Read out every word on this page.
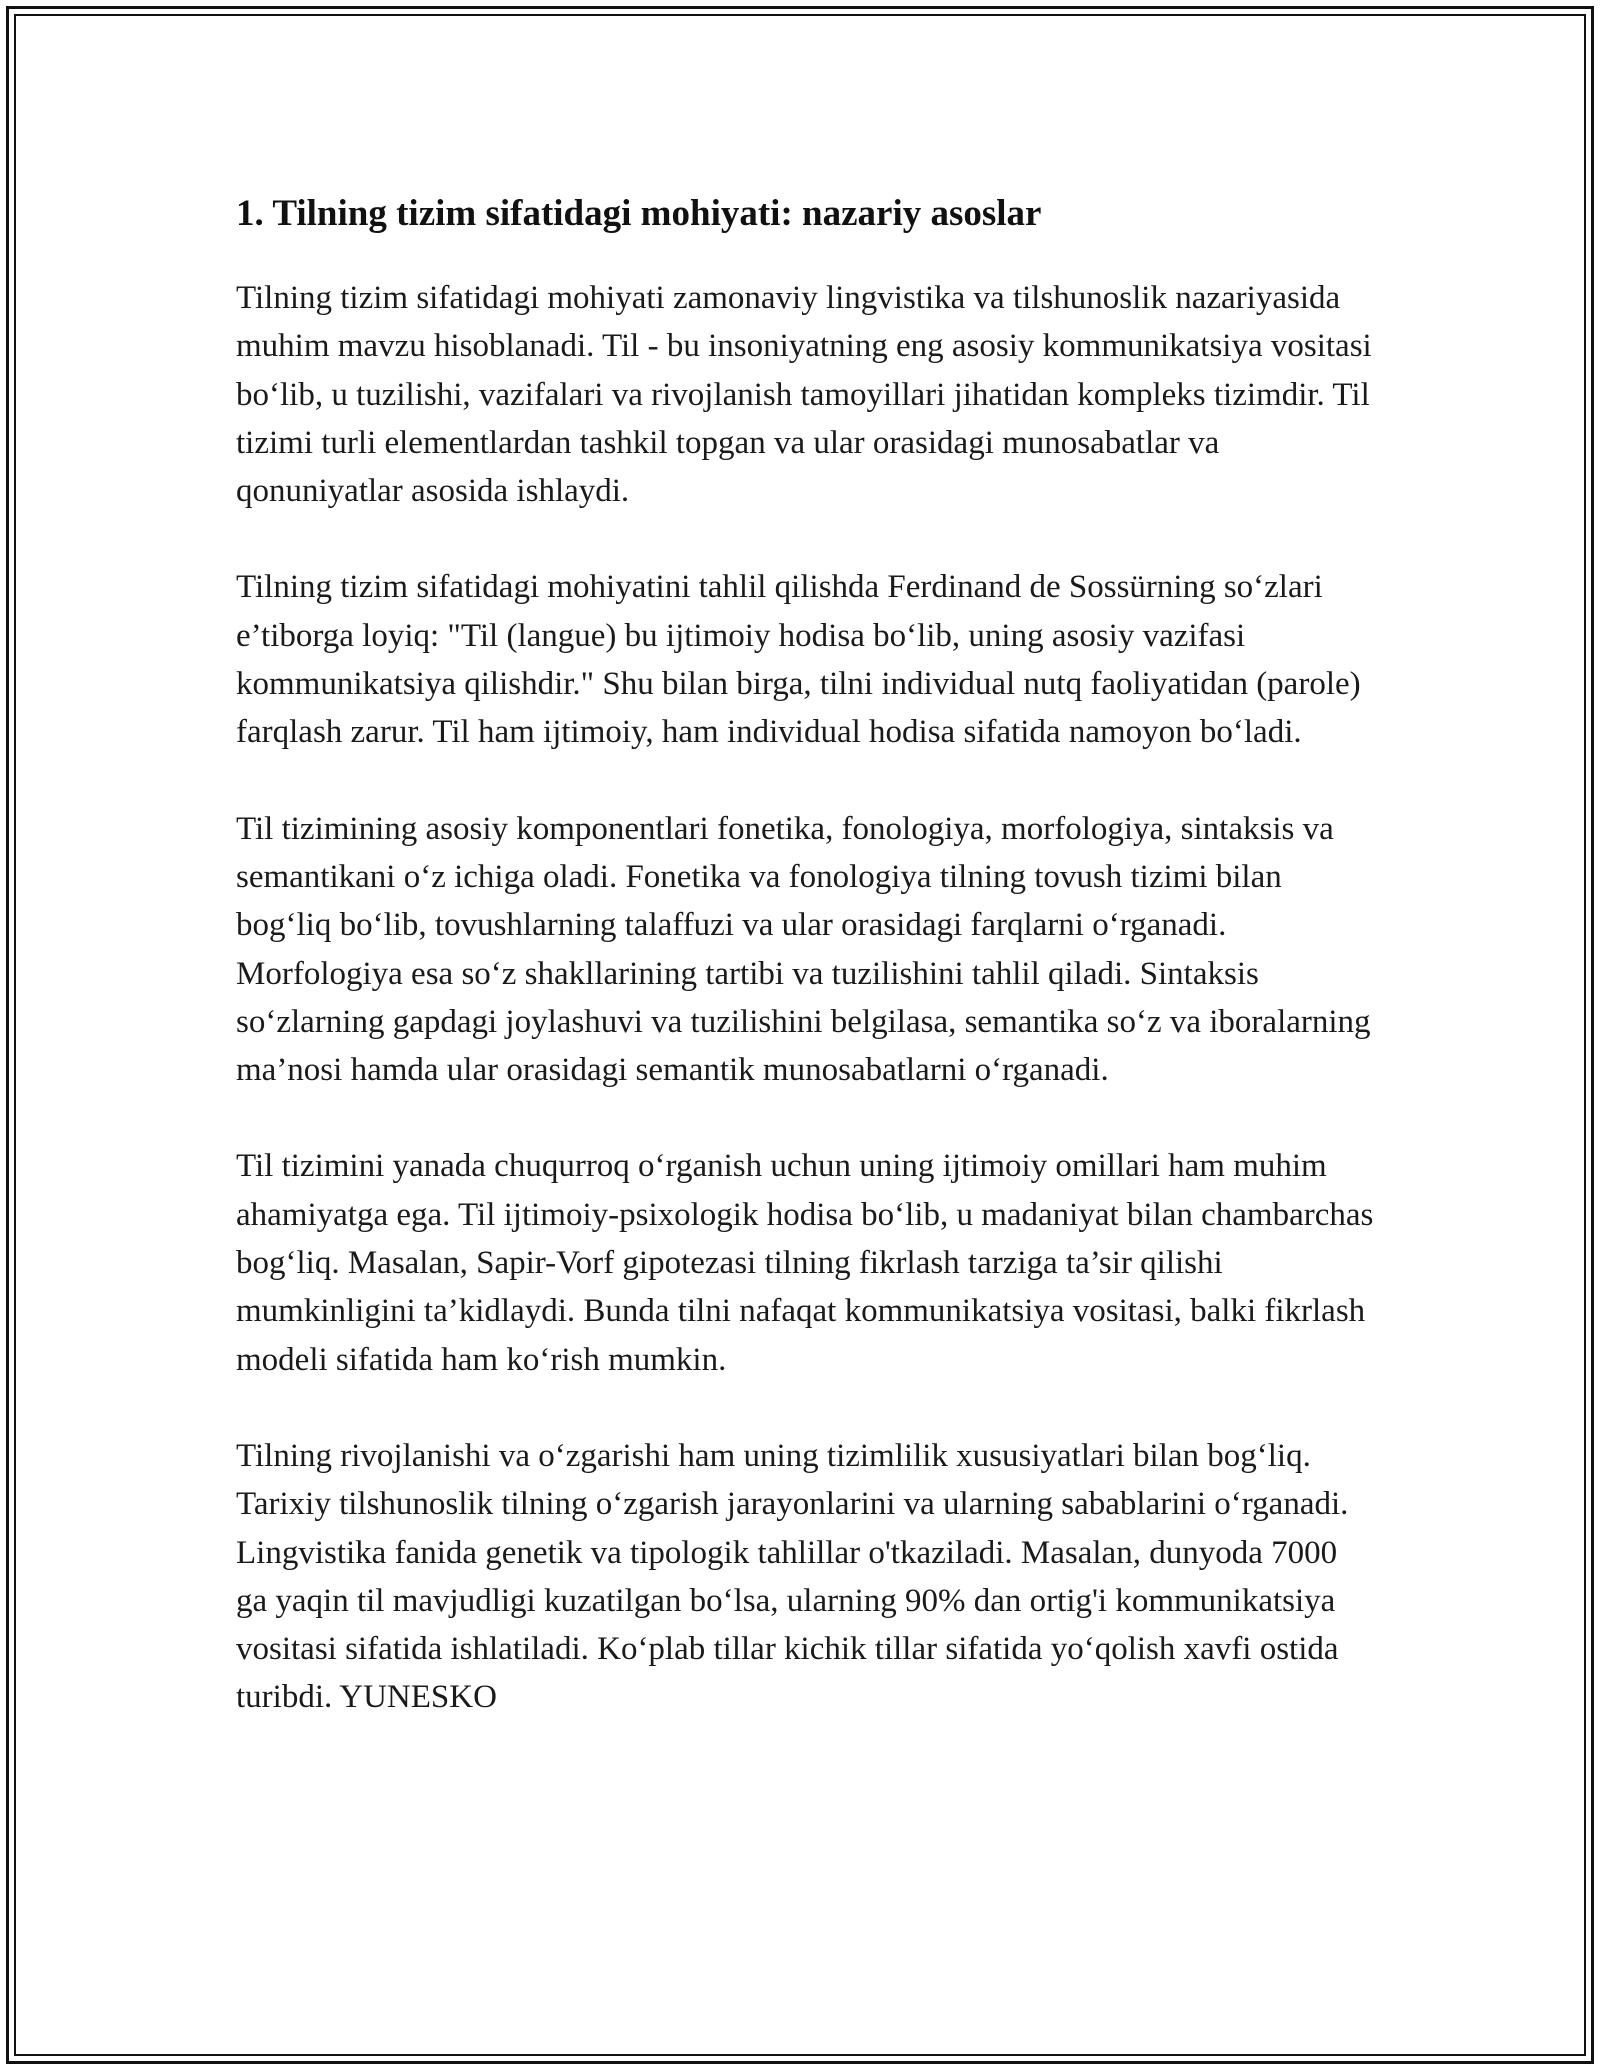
1. Tilning tizim sifatidagi mohiyati: nazariy asoslar

Tilning tizim sifatidagi mohiyati zamonaviy lingvistika va tilshunoslik nazariyasida muhim mavzu hisoblanadi. Til - bu insoniyatning eng asosiy kommunikatsiya vositasi bo‘lib, u tuzilishi, vazifalari va rivojlanish tamoyillari jihatidan kompleks tizimdir. Til tizimi turli elementlardan tashkil topgan va ular orasidagi munosabatlar va qonuniyatlar asosida ishlaydi.

Tilning tizim sifatidagi mohiyatini tahlil qilishda Ferdinand de Sossürning so‘zlari e’tiborga loyiq: "Til (langue) bu ijtimoiy hodisa bo‘lib, uning asosiy vazifasi kommunikatsiya qilishdir." Shu bilan birga, tilni individual nutq faoliyatidan (parole) farqlash zarur. Til ham ijtimoiy, ham individual hodisa sifatida namoyon bo‘ladi.

Til tizimining asosiy komponentlari fonetika, fonologiya, morfologiya, sintaksis va semantikani o‘z ichiga oladi. Fonetika va fonologiya tilning tovush tizimi bilan bog‘liq bo‘lib, tovushlarning talaffuzi va ular orasidagi farqlarni o‘rganadi. Morfologiya esa so‘z shakllarining tartibi va tuzilishini tahlil qiladi. Sintaksis so‘zlarning gapdagi joylashuvi va tuzilishini belgilasa, semantika so‘z va iboralarning ma’nosi hamda ular orasidagi semantik munosabatlarni o‘rganadi.

Til tizimini yanada chuqurroq o‘rganish uchun uning ijtimoiy omillari ham muhim ahamiyatga ega. Til ijtimoiy-psixologik hodisa bo‘lib, u madaniyat bilan chambarchas bog‘liq. Masalan, Sapir-Vorf gipotezasi tilning fikrlash tarziga ta’sir qilishi mumkinligini ta’kidlaydi. Bunda tilni nafaqat kommunikatsiya vositasi, balki fikrlash modeli sifatida ham ko‘rish mumkin.

Tilning rivojlanishi va o‘zgarishi ham uning tizimlilik xususiyatlari bilan bog‘liq. Tarixiy tilshunoslik tilning o‘zgarish jarayonlarini va ularning sabablarini o‘rganadi. Lingvistika fanida genetik va tipologik tahlillar o'tkaziladi. Masalan, dunyoda 7000 ga yaqin til mavjudligi kuzatilgan bo‘lsa, ularning 90% dan ortig'i kommunikatsiya vositasi sifatida ishlatiladi. Ko‘plab tillar kichik tillar sifatida yo‘qolish xavfi ostida turibdi. YUNESKO
